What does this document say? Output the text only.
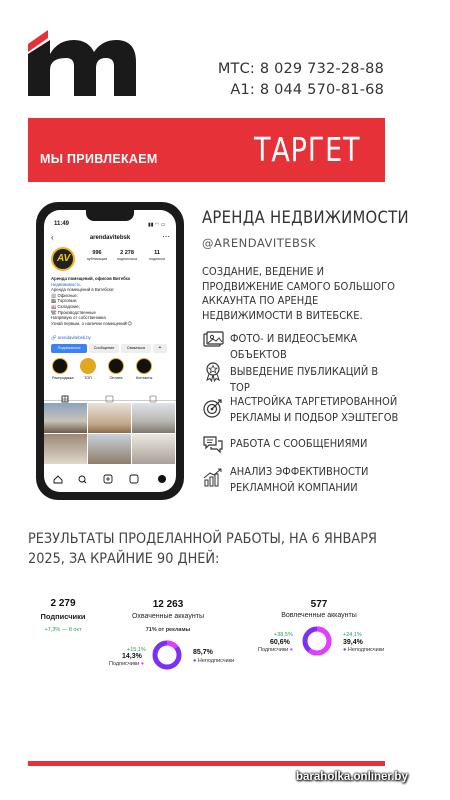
МТС: 8 029 732-28-88
А1: 8 044 570-81-68
МЫ ПРИВЛЕКАЕМ	ТАРГЕТ
11:49	▮▮ ◠ ▭
‹	arendavitebsk	⋯
AV	996
публикации
2 278
подписчика
11
подписки
Аренда помещений, офисов Витебск
Недвижимость
Аренда помещений в Витебске:
🏢 Офисные;
🏬 Торговые;
🏭 Складские;
🏗 Производственные
Напрямую от собственника
Узнай первым, о наличии помещений!😉
🔗 arendavitebsk.by
Подписаться	Сообщение	Связаться	+
Распродажа	ТОП	Оплата	Контакты
АРЕНДА НЕДВИЖИМОСТИ
@ARENDAVITEBSK
СОЗДАНИЕ, ВЕДЕНИЕ И ПРОДВИЖЕНИЕ САМОГО БОЛЬШОГО АККАУНТА ПО АРЕНДЕ НЕДВИЖИМОСТИ В ВИТЕБСКЕ.
ФОТО- И ВИДЕОСЪЕМКА ОБЪЕКТОВ
ВЫВЕДЕНИЕ ПУБЛИКАЦИЙ В ТОР
НАСТРОЙКА ТАРГЕТИРОВАННОЙ РЕКЛАМЫ И ПОДБОР ХЭШТЕГОВ
РАБОТА С СООБЩЕНИЯМИ
АНАЛИЗ ЭФФЕКТИВНОСТИ РЕКЛАМНОЙ КОМПАНИИ
РЕЗУЛЬТАТЫ ПРОДЕЛАННОЙ РАБОТЫ, НА 6 ЯНВАРЯ 2025, ЗА КРАЙНИЕ 90 ДНЕЙ:
2 279
Подписчики
+7,3% — 8 окт
12 263
Охваченные аккаунты
71% от рекламы
+15,1%
14,3%
Подписчики ●
85,7%
● Неподписчики
577
Вовлеченные аккаунты
+38,5%
60,6%
Подписчики ●
+24,1%
39,4%
● Неподписчики
baraholka.onliner.by
